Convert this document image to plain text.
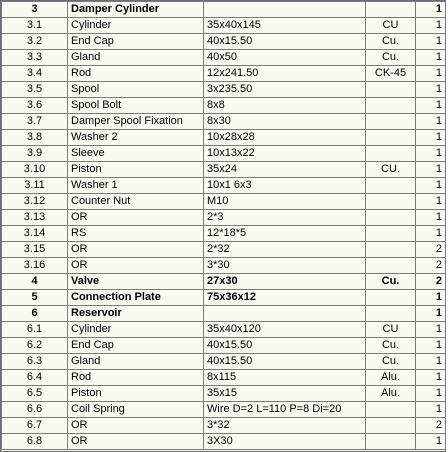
3	Damper Cylinder			1
3.1	Cylinder	35x40x145	CU	1
3.2	End Cap	40x15.50	Cu.	1
3.3	Gland	40x50	Cu.	1
3.4	Rod	12x241.50	CK-45	1
3.5	Spool	3x235.50		1
3.6	Spool Bolt	8x8		1
3.7	Damper Spool Fixation	8x30		1
3.8	Washer 2	10x28x28		1
3.9	Sleeve	10x13x22		1
3.10	Piston	35x24	CU.	1
3.11	Washer 1	10x1 6x3		1
3.12	Counter Nut	M10		1
3.13	OR	2*3		1
3.14	RS	12*18*5		1
3.15	OR	2*32		2
3.16	OR	3*30		2
4	Valve	27x30	Cu.	2
5	Connection Plate	75x36x12		1
6	Reservoir			1
6.1	Cylinder	35x40x120	CU	1
6.2	End Cap	40x15.50	Cu.	1
6.3	Gland	40x15.50	Cu.	1
6.4	Rod	8x115	Alu.	1
6.5	Piston	35x15	Alu.	1
6.6	Coil Spring	Wire D=2 L=110 P=8 Di=20		1
6.7	OR	3*32		2
6.8	OR	3X30		1
